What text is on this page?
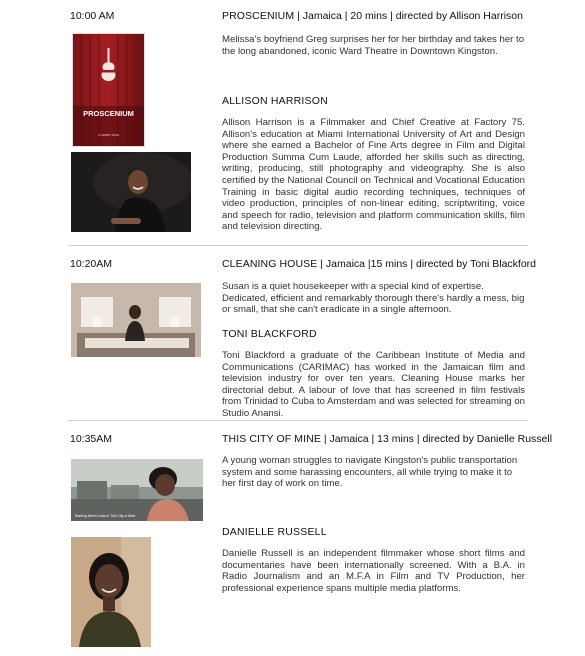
10:00 AM	PROSCENIUM | Jamaica | 20 mins | directed by Allison Harrison
Melissa's boyfriend Greg surprises her for her birthday and takes her to the long abandoned, iconic Ward Theatre in Downtown Kingston.
PROSCENIUM
A SHORT FILM
ALLISON HARRISON
Allison Harrison is a Filmmaker and Chief Creative at Factory 75. Allison's education at Miami International University of Art and Design where she earned a Bachelor of Fine Arts degree in Film and Digital Production Summa Cum Laude, afforded her skills such as directing, writing, producing, still photography and videography. She is also certified by the National Council on Technical and Vocational Education Training in basic digital audio recording techniques, techniques of video production, principles of non-linear editing, scriptwriting, voice and speech for radio, television and platform communication skills, film and television directing.
10:20AM	CLEANING HOUSE | Jamaica |15 mins | directed by Toni Blackford
Susan is a quiet housekeeper with a special kind of expertise. Dedicated, efficient and remarkably thorough there's hardly a mess, big or small, that she can't eradicate in a single afternoon.
TONI BLACKFORD
Toni Blackford a graduate of the Caribbean Institute of Media and Communications (CARIMAC) has worked in the Jamaican film and television industry for over ten years. Cleaning House marks her directorial debut. A labour of love that has screened in film festivals from Trinidad to Cuba to Amsterdam and was selected for streaming on Studio Anansi.
10:35AM	THIS CITY OF MINE | Jamaica | 13 mins | directed by Danielle Russell
A young woman struggles to navigate Kingston's public transportation system and some harassing encounters, all while trying to make it to her first day of work on time.
Starring Nevin Lindo in This City of Mine
DANIELLE RUSSELL
Danielle Russell is an independent filmmaker whose short films and documentaries have been internationally screened. With a B.A. in Radio Journalism and an M.F.A in Film and TV Production, her professional experience spans multiple media platforms.
